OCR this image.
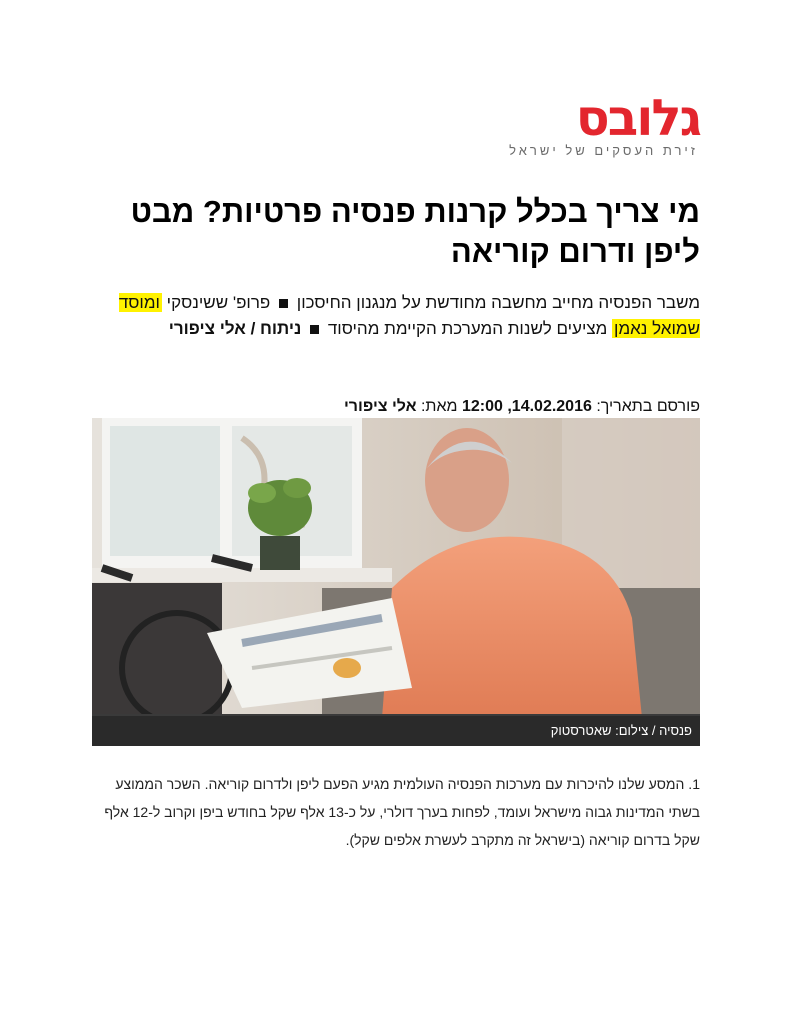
גלובס
זירת העסקים של ישראל
מי צריך בכלל קרנות פנסיה פרטיות? מבט ליפן ודרום קוריאה
משבר הפנסיה מחייב מחשבה מחודשת על מנגנון החיסכון  פרופ' ששינסקי ומוסד שמואל נאמן מציעים לשנות המערכת הקיימת מהיסוד  ניתוח / אלי ציפורי
פורסם בתאריך: 14.02.2016, 12:00 מאת: אלי ציפורי
פנסיה / צילום: שאטרסטוק

1. המסע שלנו להיכרות עם מערכות הפנסיה העולמית מגיע הפעם ליפן ולדרום קוריאה. השכר הממוצע בשתי המדינות גבוה מישראל ועומד, לפחות בערך דולרי, על כ-13 אלף שקל בחודש ביפן וקרוב ל-12 אלף שקל בדרום קוריאה (בישראל זה מתקרב לעשרת אלפים שקל).
